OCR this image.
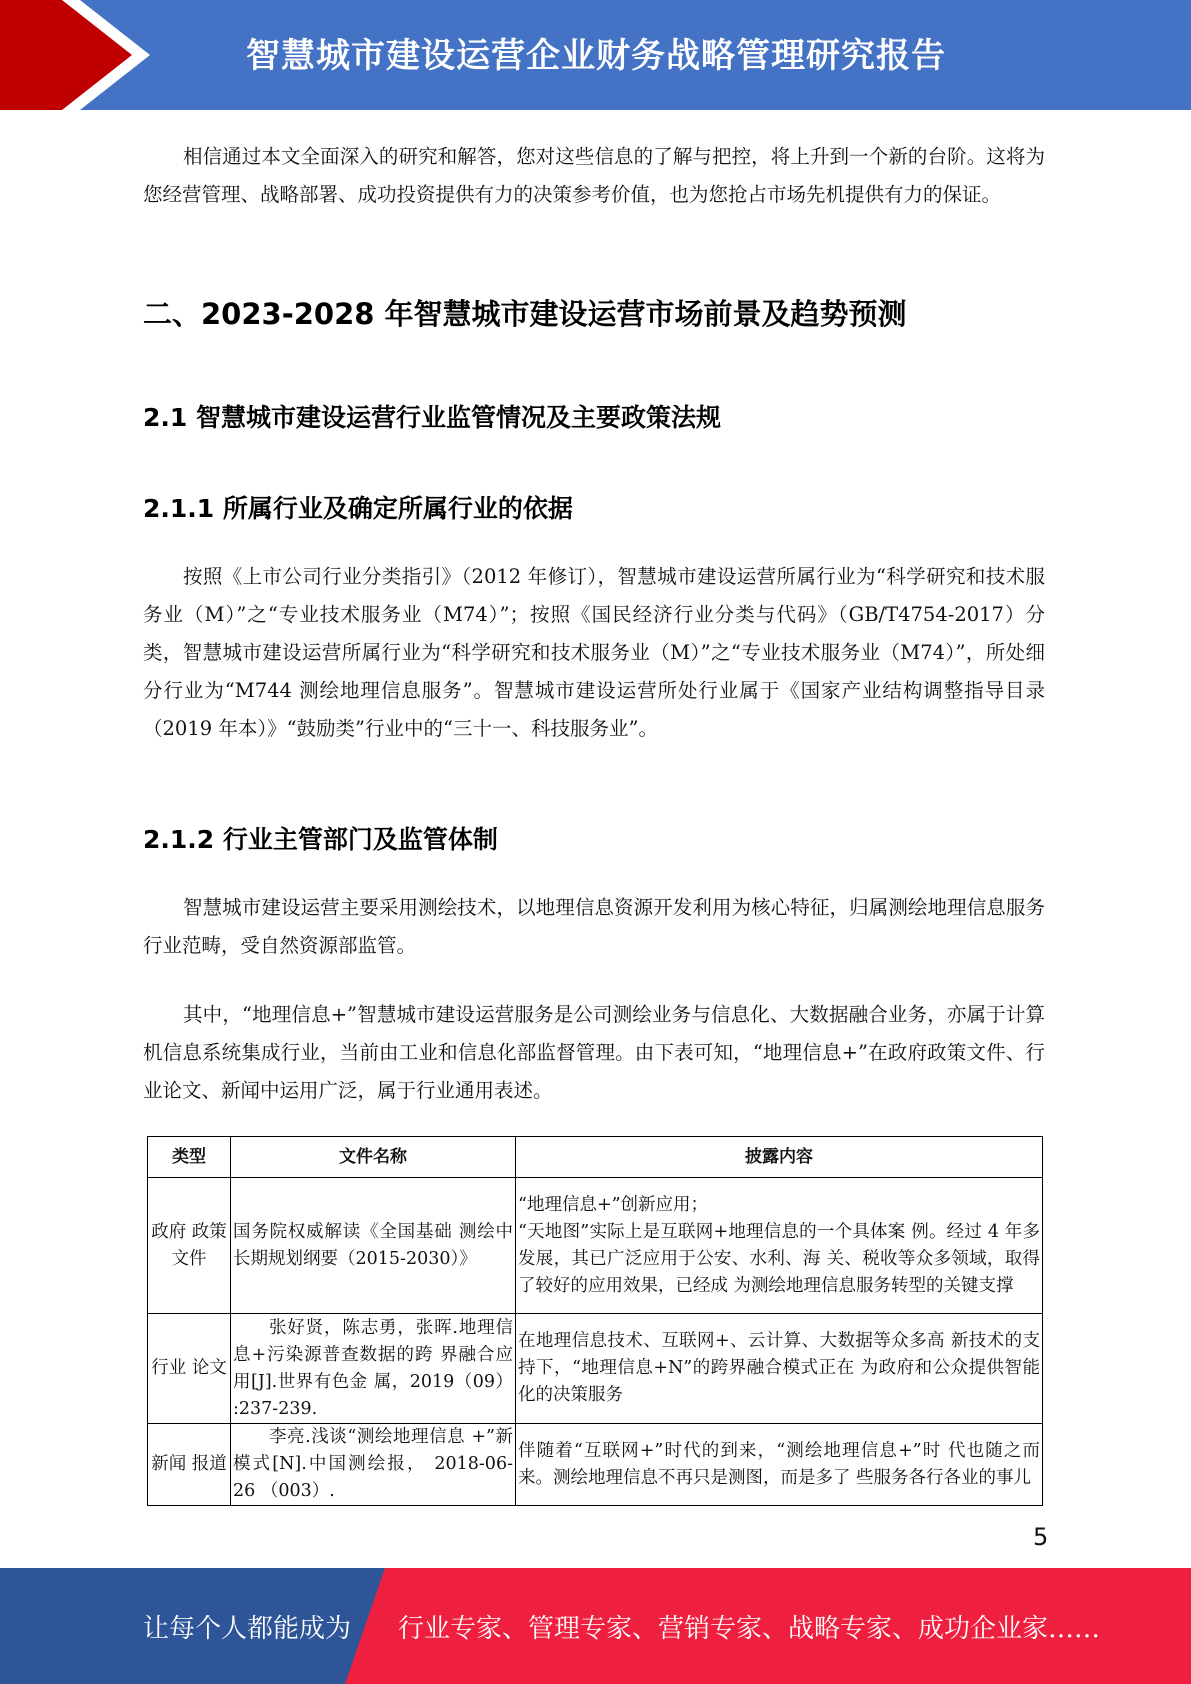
智慧城市建设运营企业财务战略管理研究报告

相信通过本文全面深入的研究和解答，您对这些信息的了解与把控，将上升到一个新的台阶。这将为您经营管理、战略部署、成功投资提供有力的决策参考价值，也为您抢占市场先机提供有力的保证。

二、2023-2028 年智慧城市建设运营市场前景及趋势预测
2.1 智慧城市建设运营行业监管情况及主要政策法规
2.1.1 所属行业及确定所属行业的依据

按照《上市公司行业分类指引》（2012 年修订），智慧城市建设运营所属行业为“科学研究和技术服务业（M）”之“专业技术服务业（M74）”；按照《国民经济行业分类与代码》（GB/T4754-2017）分类，智慧城市建设运营所属行业为“科学研究和技术服务业（M）”之“专业技术服务业（M74）”，所处细分行业为“M744 测绘地理信息服务”。智慧城市建设运营所处行业属于《国家产业结构调整指导目录（2019 年本）》“鼓励类”行业中的“三十一、科技服务业”。

2.1.2 行业主管部门及监管体制

智慧城市建设运营主要采用测绘技术，以地理信息资源开发利用为核心特征，归属测绘地理信息服务行业范畴，受自然资源部监管。

其中，“地理信息+”智慧城市建设运营服务是公司测绘业务与信息化、大数据融合业务，亦属于计算机信息系统集成行业，当前由工业和信息化部监督管理。由下表可知，“地理信息+”在政府政策文件、行业论文、新闻中运用广泛，属于行业通用表述。

类型	文件名称	披露内容
政府 政策 文件	国务院权威解读《全国基础 测绘中长期规划纲要（2015-2030）》	“地理信息+”创新应用；
“天地图”实际上是互联网+地理信息的一个具体案 例。经过 4 年多发展，其已广泛应用于公安、水利、海 关、税收等众多领域，取得了较好的应用效果，已经成 为测绘地理信息服务转型的关键支撑

行业 论文	张好贤，陈志勇，张晖.地理信息+污染源普查数据的跨 界融合应用[J].世界有色金 属，2019（09） :237-239.	在地理信息技术、互联网+、云计算、大数据等众多高 新技术的支持下，“地理信息+N”的跨界融合模式正在 为政府和公众提供智能化的决策服务
新闻 报道	李亮.浅谈“测绘地理信息 +”新模式[N].中国测绘报， 2018-06-26 （003）.	伴随着“互联网+”时代的到来，“测绘地理信息+”时 代也随之而来。测绘地理信息不再只是测图，而是多了 些服务各行各业的事儿
5
让每个人都能成为 行业专家、管理专家、营销专家、战略专家、成功企业家……
